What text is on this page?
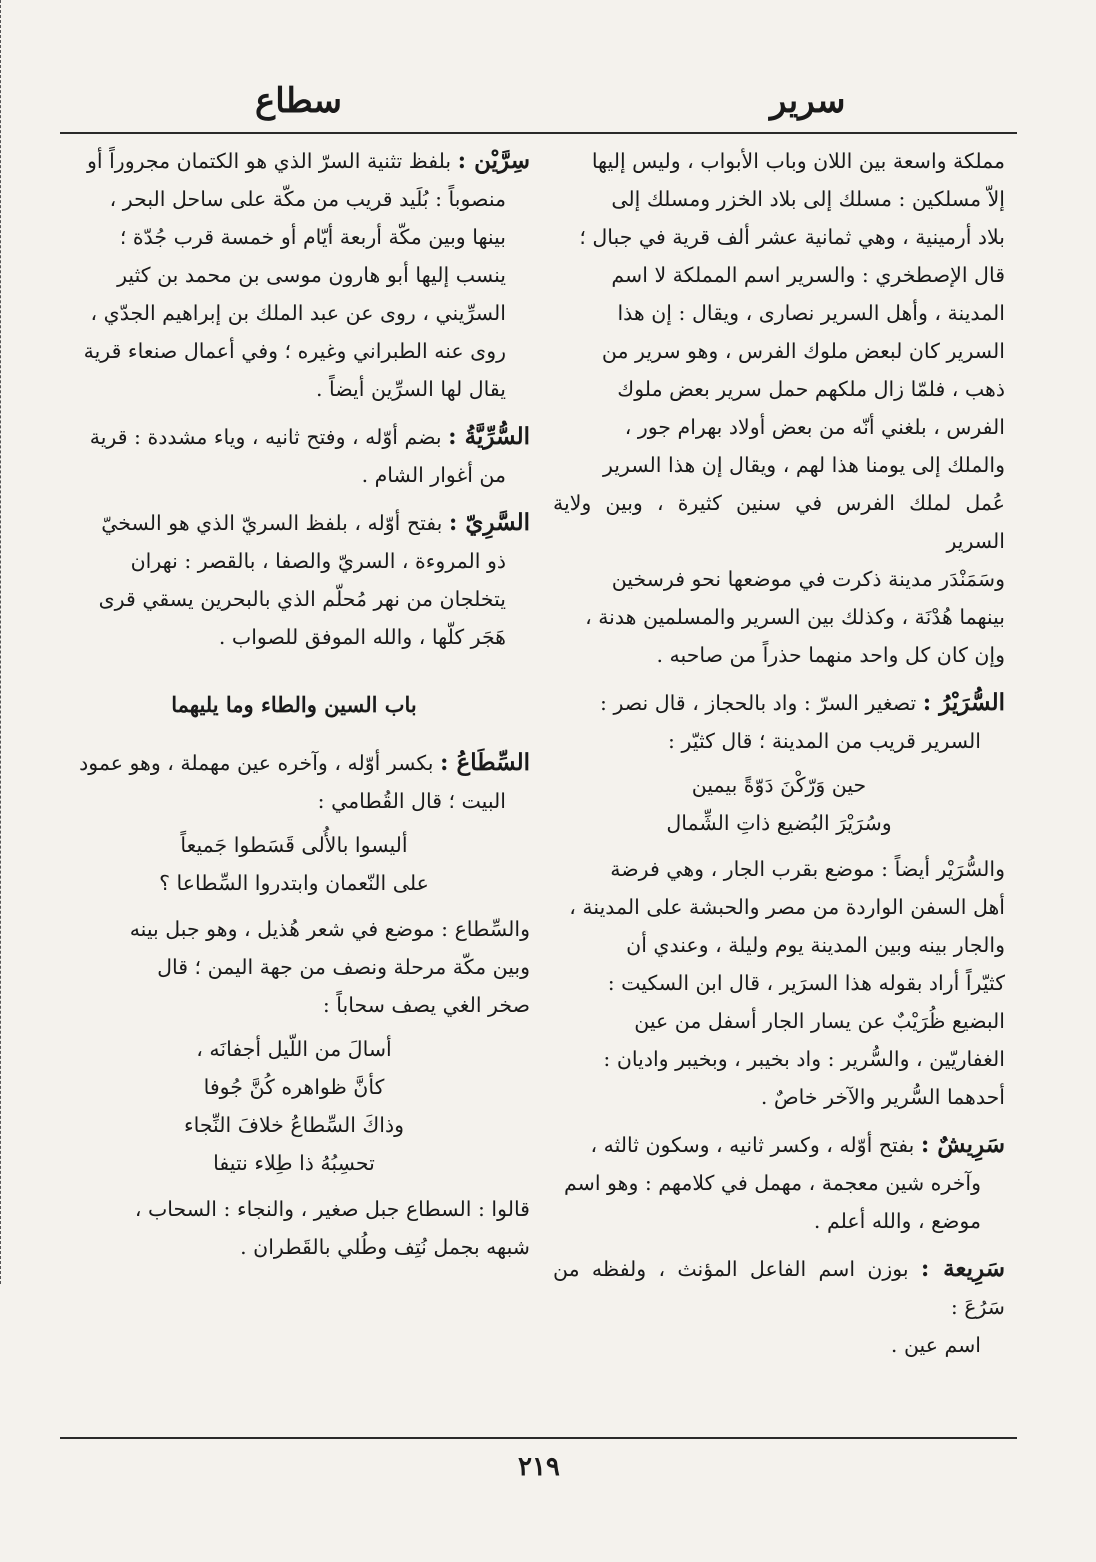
سرير
سطاع

مملكة واسعة بين اللان وباب الأبواب ، وليس إليها

إلاّ مسلكين : مسلك إلى بلاد الخزر ومسلك إلى

بلاد أرمينية ، وهي ثمانية عشر ألف قرية في جبال ؛

قال الإصطخري : والسرير اسم المملكة لا اسم

المدينة ، وأهل السرير نصارى ، ويقال : إن هذا

السرير كان لبعض ملوك الفرس ، وهو سرير من

ذهب ، فلمّا زال ملكهم حمل سرير بعض ملوك

الفرس ، بلغني أنّه من بعض أولاد بهرام جور ،

والملك إلى يومنا هذا لهم ، ويقال إن هذا السرير

عُمل لملك الفرس في سنين كثيرة ، وبين ولاية السرير

وسَمَنْدَر مدينة ذكرت في موضعها نحو فرسخين

بينهما هُدْنَة ، وكذلك بين السرير والمسلمين هدنة ،

وإن كان كل واحد منهما حذراً من صاحبه .

السُّرَيْرُ : تصغير السرّ : واد بالحجاز ، قال نصر :

السرير قريب من المدينة ؛ قال كثيّر :

حين وَرّكْنَ دَوّةً بيمين
وسُرَيْرَ البُضيع ذاتِ الشِّمال

والسُّرَيْر أيضاً : موضع بقرب الجار ، وهي فرضة

أهل السفن الواردة من مصر والحبشة على المدينة ،

والجار بينه وبين المدينة يوم وليلة ، وعندي أن

كثيّراً أراد بقوله هذا السرَير ، قال ابن السكيت :

البضيع ظُرَيْبٌ عن يسار الجار أسفل من عين

الغفاريّين ، والسُّرير : واد بخيبر ، وبخيبر واديان :

أحدهما السُّرير والآخر خاصٌ .

سَرِيشٌ : بفتح أوّله ، وكسر ثانيه ، وسكون ثالثه ،

وآخره شين معجمة ، مهمل في كلامهم : وهو اسم

موضع ، والله أعلم .

سَرِيعة : بوزن اسم الفاعل المؤنث ، ولفظه من سَرُعَ :

اسم عين .

سِرَّيْن : بلفظ تثنية السرّ الذي هو الكتمان مجروراً أو

منصوباً : بُلَيد قريب من مكّة على ساحل البحر ،

بينها وبين مكّة أربعة أيّام أو خمسة قرب جُدّة ؛

ينسب إليها أبو هارون موسى بن محمد بن كثير

السرِّيني ، روى عن عبد الملك بن إبراهيم الجدّي ،

روى عنه الطبراني وغيره ؛ وفي أعمال صنعاء قرية

يقال لها السرِّين أيضاً .

السُّرِّيَّةُ : بضم أوّله ، وفتح ثانيه ، وياء مشددة : قرية

من أغوار الشام .

السَّرِيّ : بفتح أوّله ، بلفظ السريّ الذي هو السخيّ

ذو المروءة ، السريّ والصفا ، بالقصر : نهران

يتخلجان من نهر مُحلّم الذي بالبحرين يسقي قرى

هَجَر كلّها ، والله الموفق للصواب .

باب السين والطاء وما يليهما

السِّطَاعُ : بكسر أوّله ، وآخره عين مهملة ، وهو عمود

البيت ؛ قال القُطامي :

أليسوا بالأُلى قَسَطوا جَميعاً
على النّعمان وابتدروا السِّطاعا ؟

والسِّطاع : موضع في شعر هُذيل ، وهو جبل بينه

وبين مكّة مرحلة ونصف من جهة اليمن ؛ قال

صخر الغي يصف سحاباً :

أسالَ من اللّيل أجفانَه ،
كأنَّ ظواهره كُنَّ جُوفا
وذاكَ السِّطاعُ خلافَ النِّجاء
تحسِبُهُ ذا طِلاء نتيفا

قالوا : السطاع جبل صغير ، والنجاء : السحاب ،

شبهه بجمل نُتِف وطُلي بالقَطران .

٢١٩
